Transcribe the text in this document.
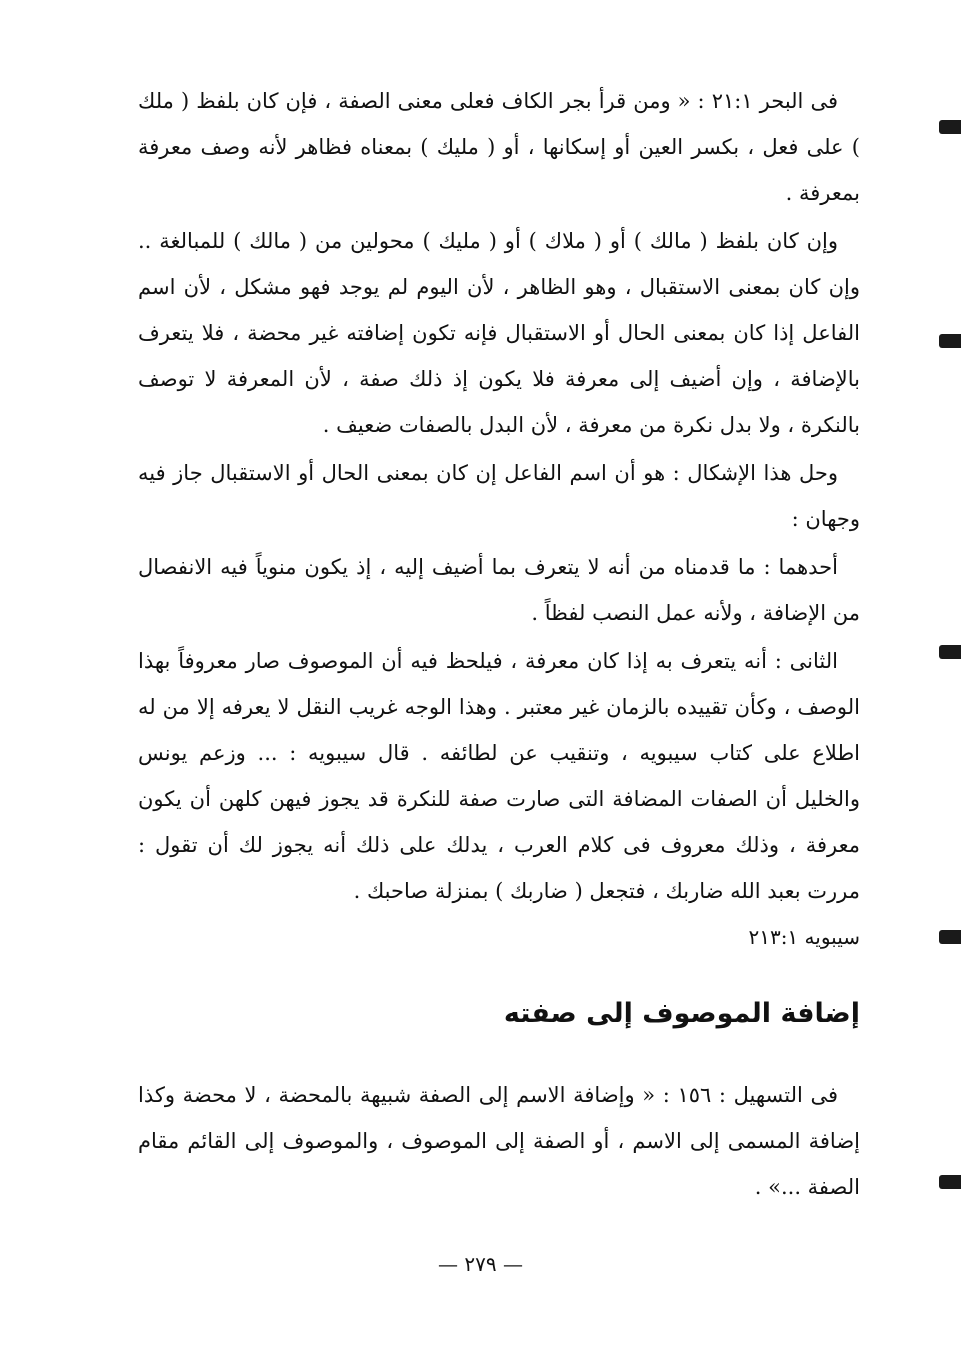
فى البحر ٢١:١ : « ومن قرأ بجر الكاف فعلى معنى الصفة ، فإن كان بلفظ ( ملك ) على فعل ، بكسر العين أو إسكانها ، أو ( مليك ) بمعناه فظاهر لأنه وصف معرفة بمعرفة .

وإن كان بلفظ ( مالك ) أو ( ملاك ) أو ( مليك ) محولين من ( مالك ) للمبالغة .. وإن كان بمعنى الاستقبال ، وهو الظاهر ، لأن اليوم لم يوجد فهو مشكل ، لأن اسم الفاعل إذا كان بمعنى الحال أو الاستقبال فإنه تكون إضافته غير محضة ، فلا يتعرف بالإضافة ، وإن أضيف إلى معرفة فلا يكون إذ ذلك صفة ، لأن المعرفة لا توصف بالنكرة ، ولا بدل نكرة من معرفة ، لأن البدل بالصفات ضعيف .

وحل هذا الإشكال : هو أن اسم الفاعل إن كان بمعنى الحال أو الاستقبال جاز فيه وجهان :

أحدهما : ما قدمناه من أنه لا يتعرف بما أضيف إليه ، إذ يكون منوياً فيه الانفصال من الإضافة ، ولأنه عمل النصب لفظاً .

الثانى : أنه يتعرف به إذا كان معرفة ، فيلحظ فيه أن الموصوف صار معروفاً بهذا الوصف ، وكأن تقييده بالزمان غير معتبر . وهذا الوجه غريب النقل لا يعرفه إلا من له اطلاع على كتاب سيبويه ، وتنقيب عن لطائفه . قال سيبويه : ... وزعم يونس والخليل أن الصفات المضافة التى صارت صفة للنكرة قد يجوز فيهن كلهن أن يكون معرفة ، وذلك معروف فى كلام العرب ، يدلك على ذلك أنه يجوز لك أن تقول : مررت بعبد الله ضاربك ، فتجعل ( ضاربك ) بمنزلة صاحبك .

سيبويه ٢١٣:١

إضافة الموصوف إلى صفته

فى التسهيل : ١٥٦ : « وإضافة الاسم إلى الصفة شبيهة بالمحضة ، لا محضة وكذا إضافة المسمى إلى الاسم ، أو الصفة إلى الموصوف ، والموصوف إلى القائم مقام الصفة ...» .

— ٢٧٩ —
